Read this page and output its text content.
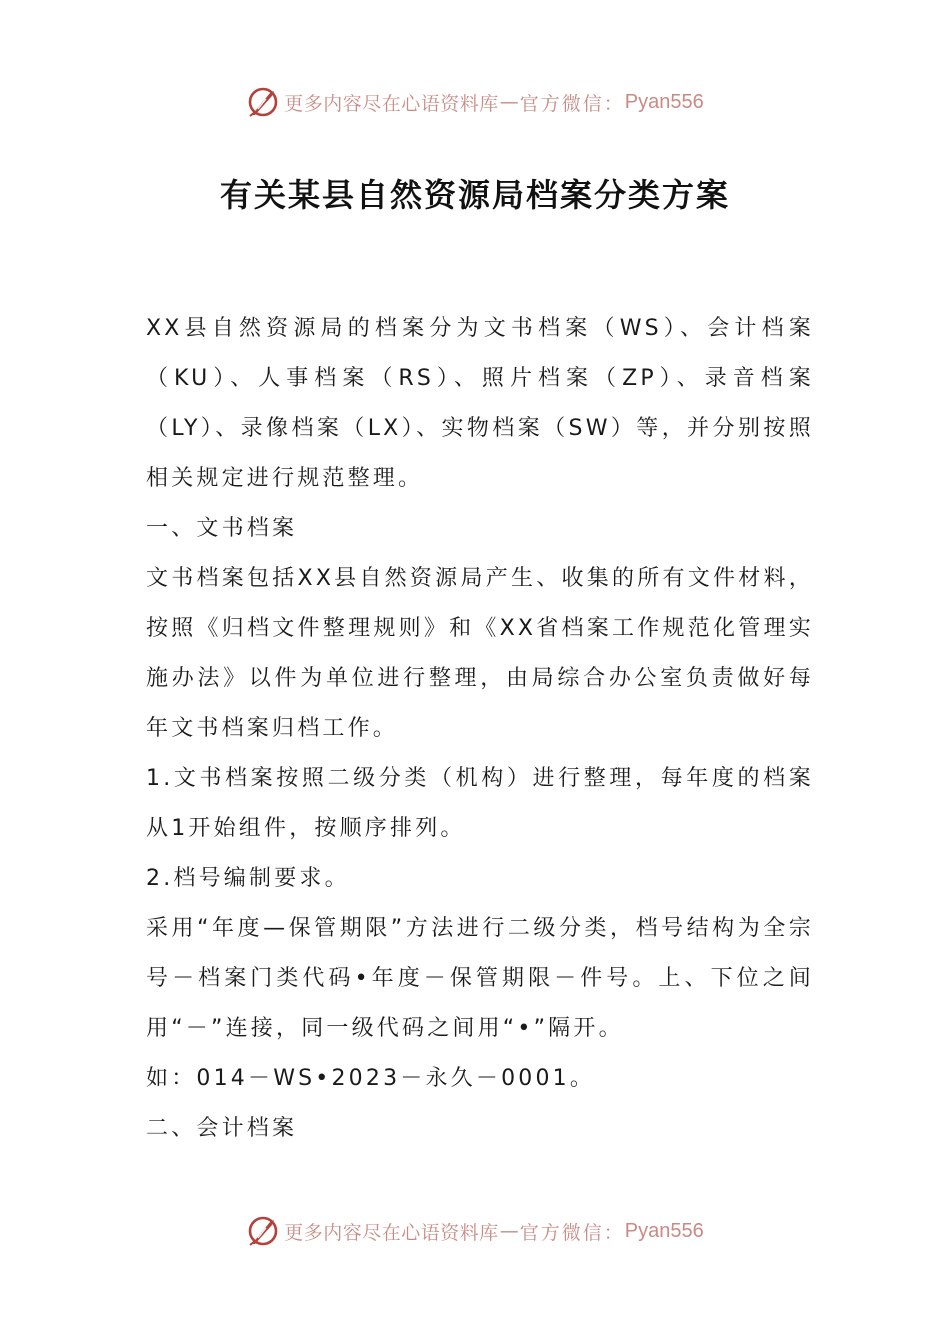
更多内容尽在心语资料库 — 官方微信： Pyan556
有关某县自然资源局档案分类方案

XX县自然资源局的档案分为文书档案（WS）、会计档案（KU）、人事档案（RS）、照片档案（ZP）、录音档案（LY）、录像档案（LX）、实物档案（SW）等，并分别按照相关规定进行规范整理。

一、文书档案

文书档案包括XX县自然资源局产生、收集的所有文件材料，按照《归档文件整理规则》和《XX省档案工作规范化管理实施办法》以件为单位进行整理，由局综合办公室负责做好每年文书档案归档工作。

1.文书档案按照二级分类（机构）进行整理，每年度的档案从1开始组件，按顺序排列。

2.档号编制要求。

采用“年度—保管期限”方法进行二级分类，档号结构为全宗号－档案门类代码•年度－保管期限－件号。上、下位之间用“－”连接，同一级代码之间用“•”隔开。

如：014－WS•2023－永久－0001。

二、会计档案

更多内容尽在心语资料库 — 官方微信： Pyan556
